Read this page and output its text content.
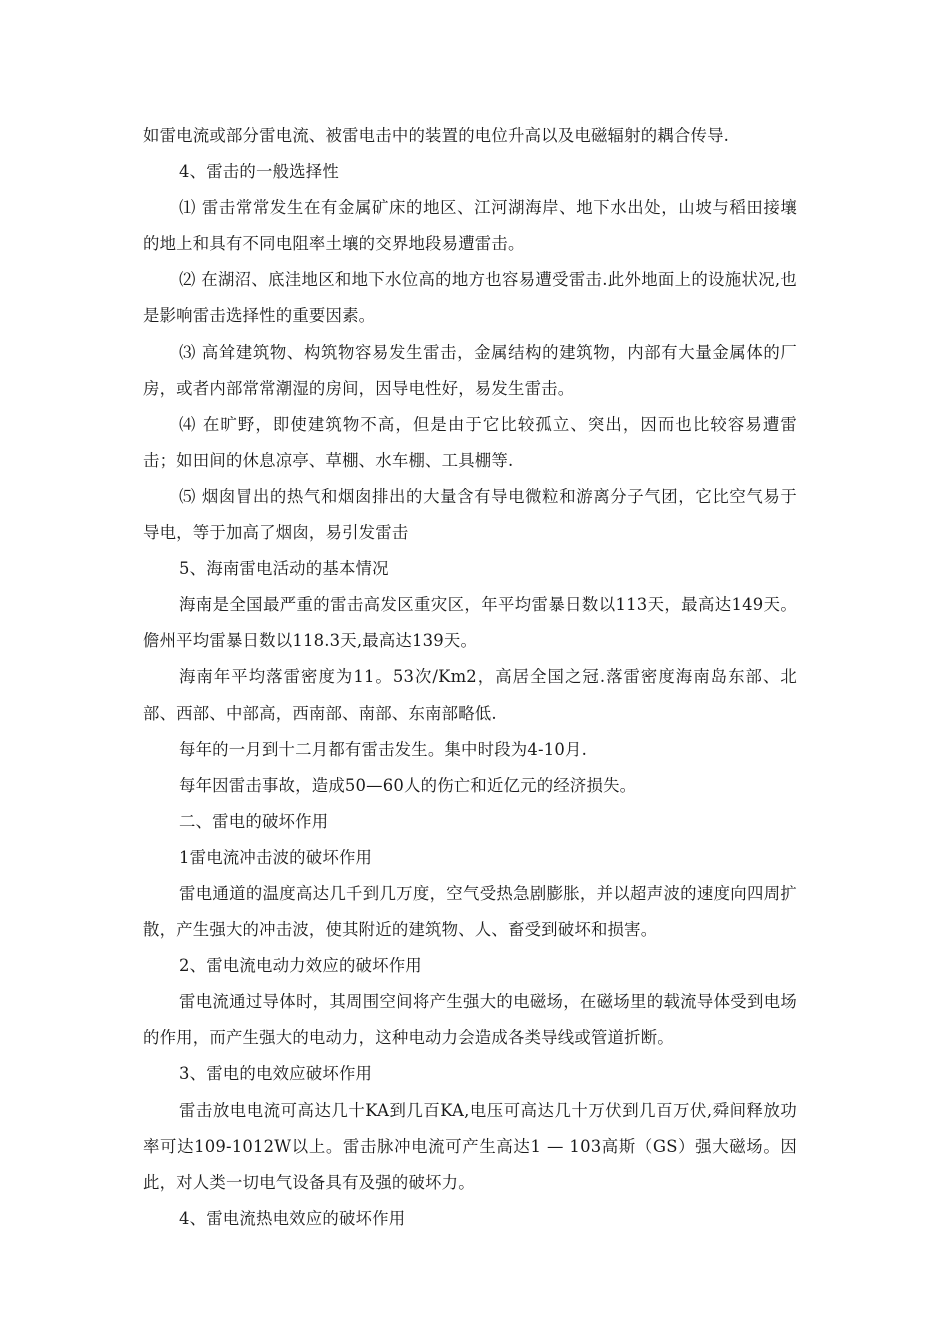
如雷电流或部分雷电流、被雷电击中的装置的电位升高以及电磁辐射的耦合传导.

4、雷击的一般选择性

⑴ 雷击常常发生在有金属矿床的地区、江河湖海岸、地下水出处，山坡与稻田接壤的地上和具有不同电阻率土壤的交界地段易遭雷击。

⑵ 在湖沼、底洼地区和地下水位高的地方也容易遭受雷击.此外地面上的设施状况,也是影响雷击选择性的重要因素。

⑶ 高耸建筑物、构筑物容易发生雷击，金属结构的建筑物，内部有大量金属体的厂房，或者内部常常潮湿的房间，因导电性好，易发生雷击。

⑷ 在旷野，即使建筑物不高，但是由于它比较孤立、突出，因而也比较容易遭雷击；如田间的休息凉亭、草棚、水车棚、工具棚等.

⑸ 烟囱冒出的热气和烟囱排出的大量含有导电微粒和游离分子气团，它比空气易于导电，等于加高了烟囱，易引发雷击

5、海南雷电活动的基本情况

海南是全国最严重的雷击高发区重灾区，年平均雷暴日数以113天，最高达149天。儋州平均雷暴日数以118.3天,最高达139天。

海南年平均落雷密度为11。53次/Km2，高居全国之冠.落雷密度海南岛东部、北部、西部、中部高，西南部、南部、东南部略低.

每年的一月到十二月都有雷击发生。集中时段为4-10月.

每年因雷击事故，造成50—60人的伤亡和近亿元的经济损失。

二、雷电的破坏作用

1雷电流冲击波的破坏作用

雷电通道的温度高达几千到几万度，空气受热急剧膨胀，并以超声波的速度向四周扩散，产生强大的冲击波，使其附近的建筑物、人、畜受到破坏和损害。

2、雷电流电动力效应的破坏作用

雷电流通过导体时，其周围空间将产生强大的电磁场，在磁场里的载流导体受到电场的作用，而产生强大的电动力，这种电动力会造成各类导线或管道折断。

3、雷电的电效应破坏作用

雷击放电电流可高达几十KA到几百KA,电压可高达几十万伏到几百万伏,舜间释放功率可达109-1012W以上。雷击脉冲电流可产生高达1 — 103高斯（GS）强大磁场。因此，对人类一切电气设备具有及强的破坏力。

4、雷电流热电效应的破坏作用
